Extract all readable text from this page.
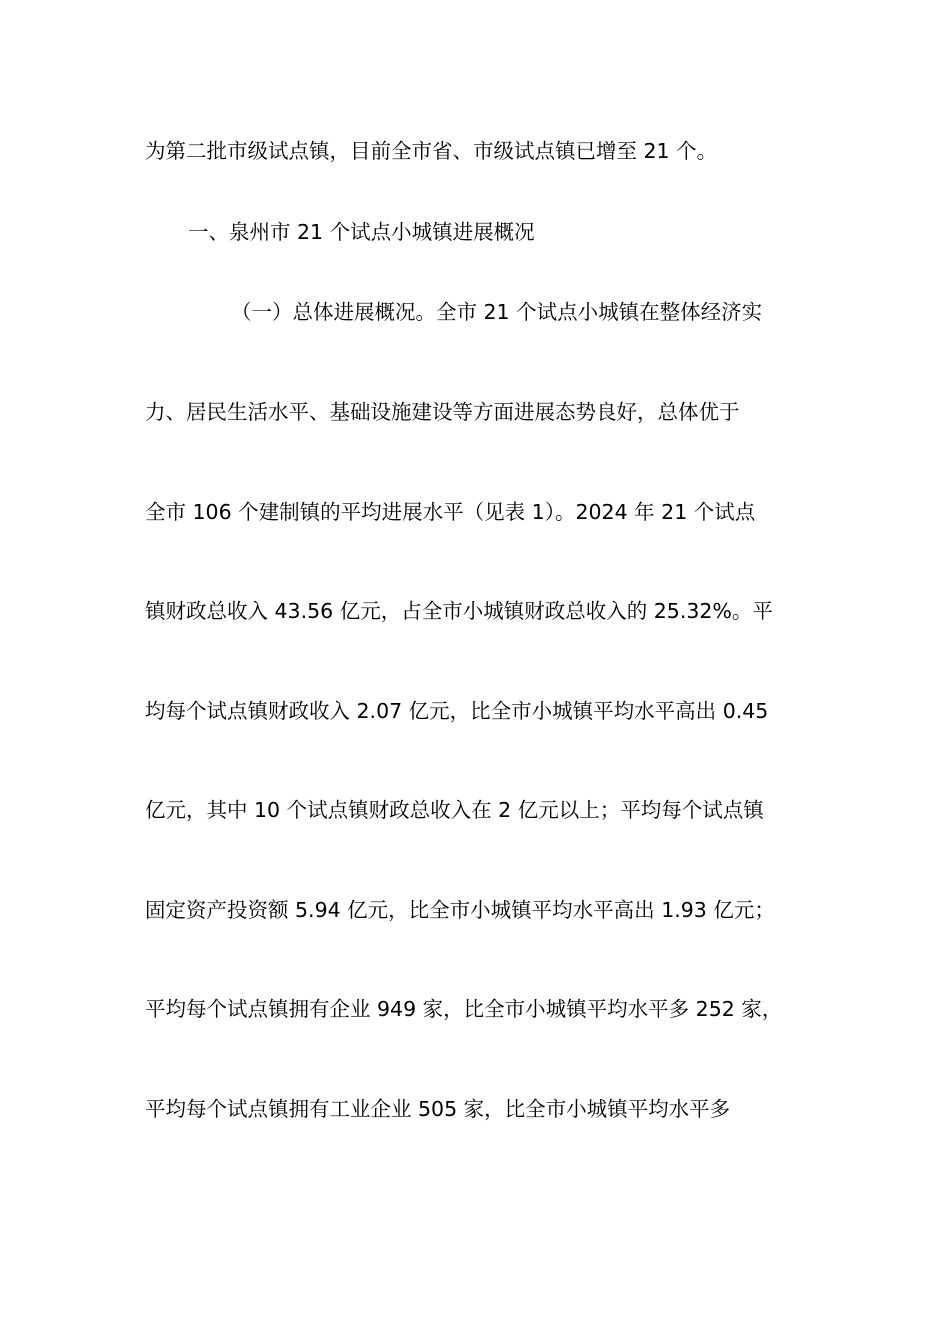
为第二批市级试点镇，目前全市省、市级试点镇已增至 21 个。
一、泉州市 21 个试点小城镇进展概况
（一）总体进展概况。全市 21 个试点小城镇在整体经济实
力、居民生活水平、基础设施建设等方面进展态势良好，总体优于
全市 106 个建制镇的平均进展水平（见表 1）。2024 年 21 个试点
镇财政总收入 43.56 亿元，占全市小城镇财政总收入的 25.32%。平
均每个试点镇财政收入 2.07 亿元，比全市小城镇平均水平高出 0.45
亿元，其中 10 个试点镇财政总收入在 2 亿元以上；平均每个试点镇
固定资产投资额 5.94 亿元，比全市小城镇平均水平高出 1.93 亿元；
平均每个试点镇拥有企业 949 家，比全市小城镇平均水平多 252 家，
平均每个试点镇拥有工业企业 505 家，比全市小城镇平均水平多
